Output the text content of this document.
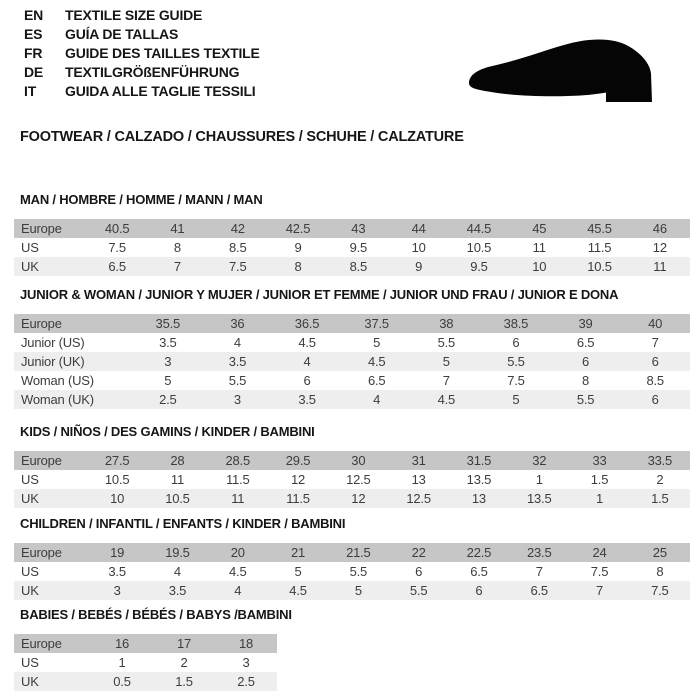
EN TEXTILE SIZE GUIDE
ES GUÍA DE TALLAS
FR GUIDE DES TAILLES TEXTILE
DE TEXTILGRÖßENFÜHRUNG
IT GUIDA ALLE TAGLIE TESSILI
FOOTWEAR / CALZADO / CHAUSSURES / SCHUHE / CALZATURE
MAN / HOMBRE / HOMME / MANN / MAN
Europe	40.5	41	42	42.5	43	44	44.5	45	45.5	46
US	7.5	8	8.5	9	9.5	10	10.5	11	11.5	12
UK	6.5	7	7.5	8	8.5	9	9.5	10	10.5	11
JUNIOR & WOMAN / JUNIOR Y MUJER / JUNIOR ET FEMME / JUNIOR UND FRAU / JUNIOR E DONA
Europe	35.5	36	36.5	37.5	38	38.5	39	40
Junior (US)	3.5	4	4.5	5	5.5	6	6.5	7
Junior (UK)	3	3.5	4	4.5	5	5.5	6	6
Woman (US)	5	5.5	6	6.5	7	7.5	8	8.5
Woman (UK)	2.5	3	3.5	4	4.5	5	5.5	6
KIDS / NIÑOS / DES GAMINS / KINDER / BAMBINI
Europe	27.5	28	28.5	29.5	30	31	31.5	32	33	33.5
US	10.5	11	11.5	12	12.5	13	13.5	1	1.5	2
UK	10	10.5	11	11.5	12	12.5	13	13.5	1	1.5
CHILDREN / INFANTIL / ENFANTS / KINDER / BAMBINI
Europe	19	19.5	20	21	21.5	22	22.5	23.5	24	25
US	3.5	4	4.5	5	5.5	6	6.5	7	7.5	8
UK	3	3.5	4	4.5	5	5.5	6	6.5	7	7.5
BABIES / BEBÉS / BÉBÉS / BABYS /BAMBINI
Europe	16	17	18
US	1	2	3
UK	0.5	1.5	2.5
